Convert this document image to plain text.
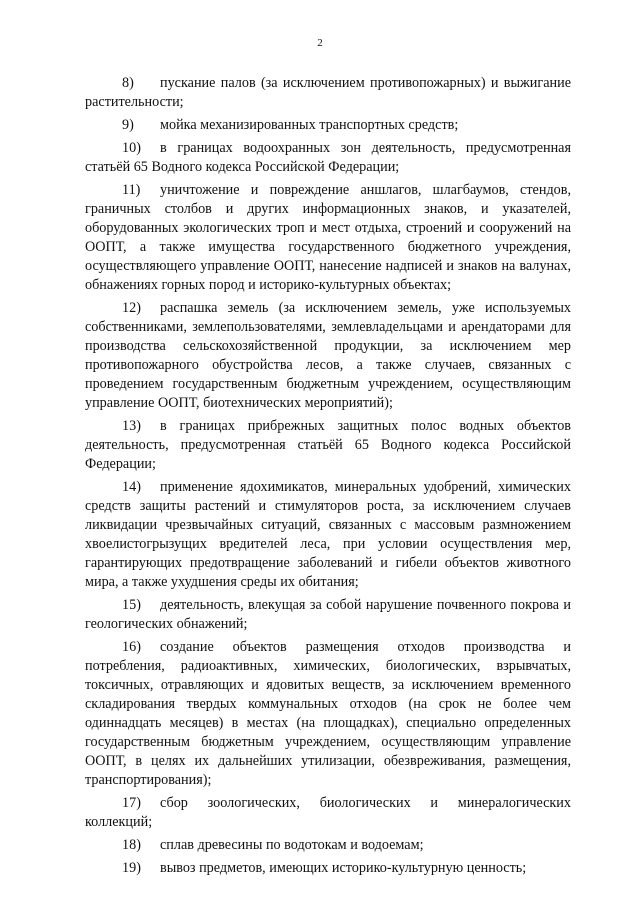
2

8) пускание палов (за исключением противопожарных) и выжигание растительности;

9) мойка механизированных транспортных средств;

10) в границах водоохранных зон деятельность, предусмотренная статьёй 65 Водного кодекса Российской Федерации;

11) уничтожение и повреждение аншлагов, шлагбаумов, стендов, граничных столбов и других информационных знаков, и указателей, оборудованных экологических троп и мест отдыха, строений и сооружений на ООПТ, а также имущества государственного бюджетного учреждения, осуществляющего управление ООПТ, нанесение надписей и знаков на валунах, обнажениях горных пород и историко-культурных объектах;

12) распашка земель (за исключением земель, уже используемых собственниками, землепользователями, землевладельцами и арендаторами для производства сельскохозяйственной продукции, за исключением мер противопожарного обустройства лесов, а также случаев, связанных с проведением государственным бюджетным учреждением, осуществляющим управление ООПТ, биотехнических мероприятий);

13) в границах прибрежных защитных полос водных объектов деятельность, предусмотренная статьёй 65 Водного кодекса Российской Федерации;

14) применение ядохимикатов, минеральных удобрений, химических средств защиты растений и стимуляторов роста, за исключением случаев ликвидации чрезвычайных ситуаций, связанных с массовым размножением хвоелистогрызущих вредителей леса, при условии осуществления мер, гарантирующих предотвращение заболеваний и гибели объектов животного мира, а также ухудшения среды их обитания;

15) деятельность, влекущая за собой нарушение почвенного покрова и геологических обнажений;

16) создание объектов размещения отходов производства и потребления, радиоактивных, химических, биологических, взрывчатых, токсичных, отравляющих и ядовитых веществ, за исключением временного складирования твердых коммунальных отходов (на срок не более чем одиннадцать месяцев) в местах (на площадках), специально определенных государственным бюджетным учреждением, осуществляющим управление ООПТ, в целях их дальнейших утилизации, обезвреживания, размещения, транспортирования);

17) сбор зоологических, биологических и минералогических коллекций;

18) сплав древесины по водотокам и водоемам;

19) вывоз предметов, имеющих историко-культурную ценность;
